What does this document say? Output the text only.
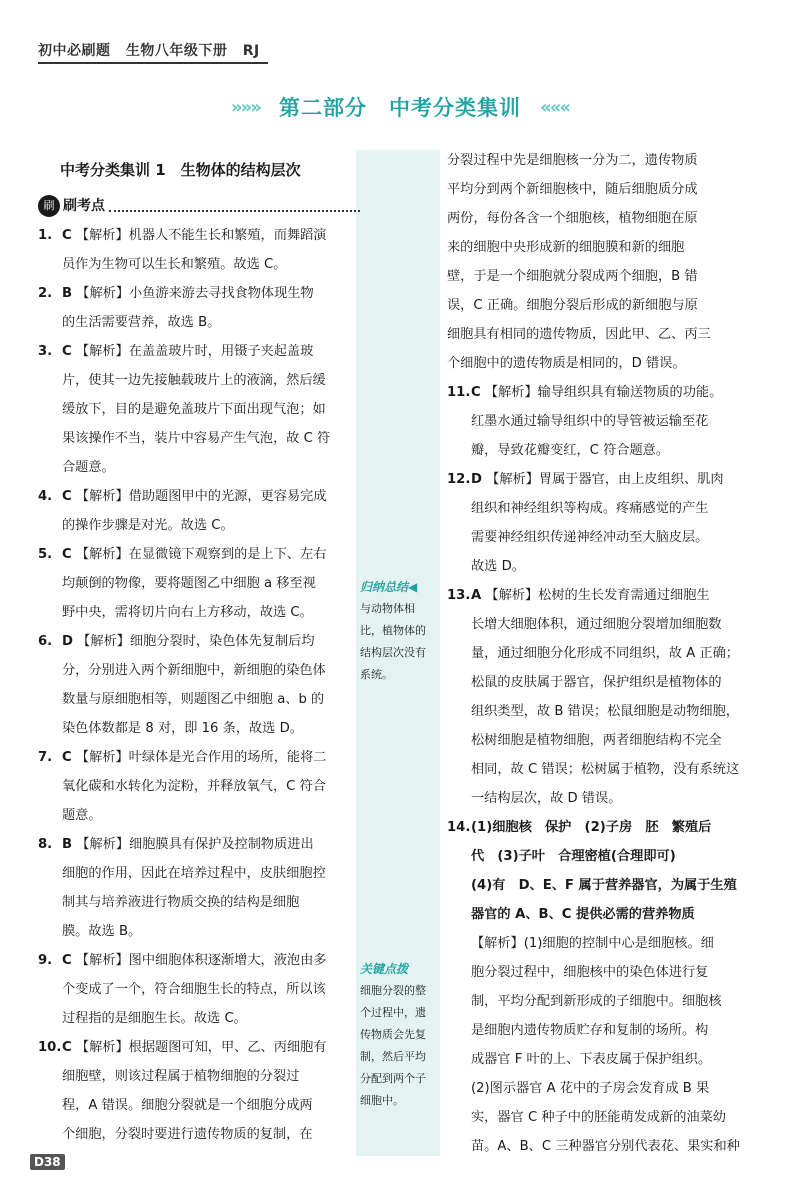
初中必刷题 生物八年级下册 RJ
»»» 第二部分　中考分类集训 «««
中考分类集训 1　生物体的结构层次
刷 刷考点
1. C 【解析】机器人不能生长和繁殖，而舞蹈演
员作为生物可以生长和繁殖。故选 C。
2. B 【解析】小鱼游来游去寻找食物体现生物
的生活需要营养，故选 B。
3. C 【解析】在盖盖玻片时，用镊子夹起盖玻
片，使其一边先接触载玻片上的液滴，然后缓
缓放下，目的是避免盖玻片下面出现气泡；如
果该操作不当，装片中容易产生气泡，故 C 符
合题意。
4. C 【解析】借助题图甲中的光源，更容易完成
的操作步骤是对光。故选 C。
5. C 【解析】在显微镜下观察到的是上下、左右
均颠倒的物像，要将题图乙中细胞 a 移至视
野中央，需将切片向右上方移动，故选 C。
6. D 【解析】细胞分裂时，染色体先复制后均
分，分别进入两个新细胞中，新细胞的染色体
数量与原细胞相等，则题图乙中细胞 a、b 的
染色体数都是 8 对，即 16 条，故选 D。
7. C 【解析】叶绿体是光合作用的场所，能将二
氧化碳和水转化为淀粉，并释放氧气，C 符合
题意。
8. B 【解析】细胞膜具有保护及控制物质进出
细胞的作用，因此在培养过程中，皮肤细胞控
制其与培养液进行物质交换的结构是细胞
膜。故选 B。
9. C 【解析】图中细胞体积逐渐增大，液泡由多
个变成了一个，符合细胞生长的特点，所以该
过程指的是细胞生长。故选 C。
10. C 【解析】根据题图可知，甲、乙、丙细胞有
细胞壁，则该过程属于植物细胞的分裂过
程，A 错误。细胞分裂就是一个细胞分成两
个细胞，分裂时要进行遗传物质的复制，在
分裂过程中先是细胞核一分为二，遗传物质
平均分到两个新细胞核中，随后细胞质分成
两份，每份各含一个细胞核，植物细胞在原
来的细胞中央形成新的细胞膜和新的细胞
壁，于是一个细胞就分裂成两个细胞，B 错
误，C 正确。细胞分裂后形成的新细胞与原
细胞具有相同的遗传物质，因此甲、乙、丙三
个细胞中的遗传物质是相同的，D 错误。
11. C 【解析】输导组织具有输送物质的功能。
红墨水通过输导组织中的导管被运输至花
瓣，导致花瓣变红，C 符合题意。
12. D 【解析】胃属于器官，由上皮组织、肌肉
组织和神经组织等构成。疼痛感觉的产生
需要神经组织传递神经冲动至大脑皮层。
故选 D。
13. A 【解析】松树的生长发育需通过细胞生
长增大细胞体积，通过细胞分裂增加细胞数
量，通过细胞分化形成不同组织，故 A 正确；
松鼠的皮肤属于器官，保护组织是植物体的
组织类型，故 B 错误；松鼠细胞是动物细胞，
松树细胞是植物细胞，两者细胞结构不完全
相同，故 C 错误；松树属于植物，没有系统这
一结构层次，故 D 错误。
14. (1)细胞核　保护　(2)子房　胚　繁殖后
代　(3)子叶　合理密植(合理即可)
(4)有　D、E、F 属于营养器官，为属于生殖
器官的 A、B、C 提供必需的营养物质
【解析】(1)细胞的控制中心是细胞核。细
胞分裂过程中，细胞核中的染色体进行复
制，平均分配到新形成的子细胞中。细胞核
是细胞内遗传物质贮存和复制的场所。构
成器官 F 叶的上、下表皮属于保护组织。
(2)图示器官 A 花中的子房会发育成 B 果
实，器官 C 种子中的胚能萌发成新的油菜幼
苗。A、B、C 三种器官分别代表花、果实和种
归纳总结◀
与动物体相
比，植物体的
结构层次没有
系统。
关键点拨
细胞分裂的整
个过程中，遗
传物质会先复
制，然后平均
分配到两个子
细胞中。
D38
